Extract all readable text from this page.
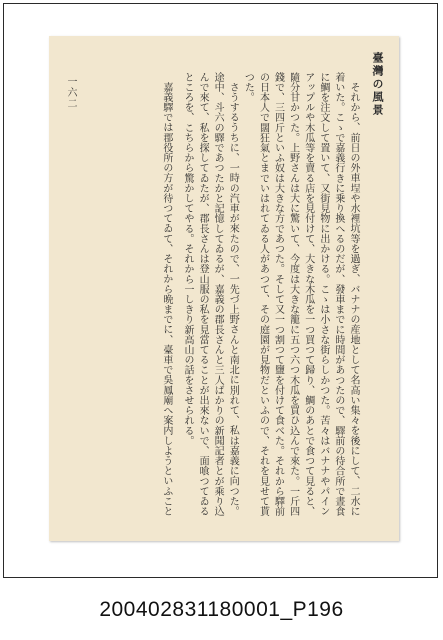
臺灣の風景
一六二	それから、前日の外車埕や水裡坑等を過ぎ、バナナの産地として名高い集々を後にして、二水に着いた。こゝで嘉義行きに乗り換へるのだが、發車までに時間があつたので、驛前の待合所で晝食に鯛を注文して置いて、又街見物に出かける。こゝは小さな街らしかつた。苦々はバナナやパインアップルや木瓜等を賣る店を見付けて、大きな木瓜を一つ買つて歸り、鯛のあとで食つて見ると、隨分甘かつた。上野さんは大に驚いて、今度は大きな籠に五つ六つ木瓜を買ひ込んで來た。一斤四錢で、三四斤といふ奴は大きな方であつた。そして又一つ割つて鹽を付けて食べた。それから驛前の日本人で闊狂氣とまでいはれてゐる人があつて、その庭園が見物だといふので、それを見せて貰つた。

さうするうちに、一時の汽車が來たので、一先づ上野さんと南北に別れて、私は嘉義に向つた。途中、斗六の驛であつたかと記憶してゐるが、嘉義の郡長さんと三人ばかりの新聞記者とが乘り込んで來て、私を探してゐたが、郡長さんは登山服の私を見當てることが出來ないで、面喰つてゐるところを、こちらから驚かしてやる。それから一しきり新高山の話をさせられる。

嘉義驛では郡役所の方が待つてゐて、それから晩までに、臺車で吳鳳廟へ案内しようといふこと

200402831180001_P196
